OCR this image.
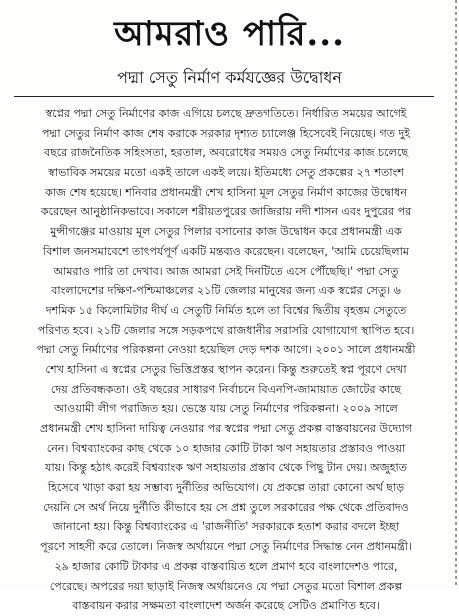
আমরাও পারি...
পদ্মা সেতু নির্মাণ কর্মযজ্ঞের উদ্বোধন
স্বপ্নের পদ্মা সেতু নির্মাণের কাজ এগিয়ে চলছে দ্রুতগতিতে। নির্ধারিত সময়ের আগেই
পদ্মা সেতুর নির্মাণ কাজ শেষ করাকে সরকার দৃশ্যত চ্যালেঞ্জ হিসেবেই নিয়েছে। গত দুই
বছরে রাজনৈতিক সহিংসতা, হরতাল, অবরোধের সময়ও সেতু নির্মাণের কাজ চলেছে
স্বাভাবিক সময়ের মতো একই তালে একই লয়ে। ইতিমধ্যে সেতু প্রকল্পের ২৭ শতাংশ
কাজ শেষ হয়েছে। শনিবার প্রধানমন্ত্রী শেখ হাসিনা মূল সেতুর নির্মাণ কাজের উদ্বোধন
করেছেন আনুষ্ঠানিকভাবে। সকালে শরীয়তপুরের জাজিরায় নদী শাসন এবং দুপুরের পর
মুন্সীগঞ্জের মাওয়ায় মূল সেতুর পিলার বসানোর কাজ উদ্বোধন করে প্রধানমন্ত্রী এক
বিশাল জনসমাবেশে তাৎপর্যপূর্ণ একটি মন্তব্যও করেছেন। বলেছেন, 'আমি চেয়েছিলাম
আমরাও পারি তা দেখাব। আজ আমরা সেই দিনটিতে এসে পৌঁছেছি।' পদ্মা সেতু
বাংলাদেশের দক্ষিণ-পশ্চিমাঞ্চলের ২১টি জেলার মানুষের জন্য এক স্বপ্নের সেতু। ৬
দশমিক ১৫ কিলোমিটার দীর্ঘ এ সেতুটি নির্মিত হলে তা বিশ্বের দ্বিতীয় বৃহত্তম সেতুতে
পরিণত হবে। ২১টি জেলার সঙ্গে সড়কপথে রাজধানীর সরাসরি যোগাযোগ স্থাপিত হবে।
পদ্মা সেতু নির্মাণের পরিকল্পনা নেওয়া হয়েছিল দেড় দশক আগে। ২০০১ সালে প্রধানমন্ত্রী
শেখ হাসিনা এ স্বপ্নের সেতুর ভিত্তিপ্রস্তর স্থাপন করেন। কিন্তু শুরুতেই স্বপ্ন পূরণে দেখা
দেয় প্রতিবন্ধকতা। ওই বছরের সাধারণ নির্বাচনে বিএনপি-জামায়াত জোটের কাছে
আওয়ামী লীগ পরাজিত হয়। ভেস্তে যায় সেতু নির্মাণের পরিকল্পনা। ২০০৯ সালে
প্রধানমন্ত্রী শেখ হাসিনা দায়িত্ব নেওয়ার পর স্বপ্নের পদ্মা সেতু প্রকল্প বাস্তবায়নের উদ্যোগ
নেন। বিশ্বব্যাংকের কাছ থেকে ১০ হাজার কোটি টাকা ঋণ সহায়তার প্রস্তাবও পাওয়া
যায়। কিন্তু হঠাৎ করেই বিশ্বব্যাংক ঋণ সহায়তার প্রস্তাব থেকে পিছু টান দেয়। অজুহাত
হিসেবে খাড়া করা হয় সম্ভাব্য দুর্নীতির অভিযোগ। যে প্রকল্পে তারা কোনো অর্থ ছাড়
দেয়নি সে অর্থ নিয়ে দুর্নীতি কীভাবে হয় সে প্রশ্ন তুলে সরকারের পক্ষ থেকে প্রতিবাদও
জানানো হয়। কিন্তু বিশ্বব্যাংকের এ 'রাজনীতি' সরকারকে হতাশ করার বদলে ইচ্ছা
পূরণে সাহসী করে তোলে। নিজস্ব অর্থায়নে পদ্মা সেতু নির্মাণের সিদ্ধান্ত নেন প্রধানমন্ত্রী।
২৯ হাজার কোটি টাকার এ প্রকল্প বাস্তবায়িত হলে প্রমাণ হবে বাংলাদেশও পারে,
পেরেছে। অপরের দয়া ছাড়াই নিজস্ব অর্থায়নেও যে পদ্মা সেতুর মতো বিশাল প্রকল্প
বাস্তবায়ন করার সক্ষমতা বাংলাদেশ অর্জন করেছে সেটিও প্রমাণিত হবে।
